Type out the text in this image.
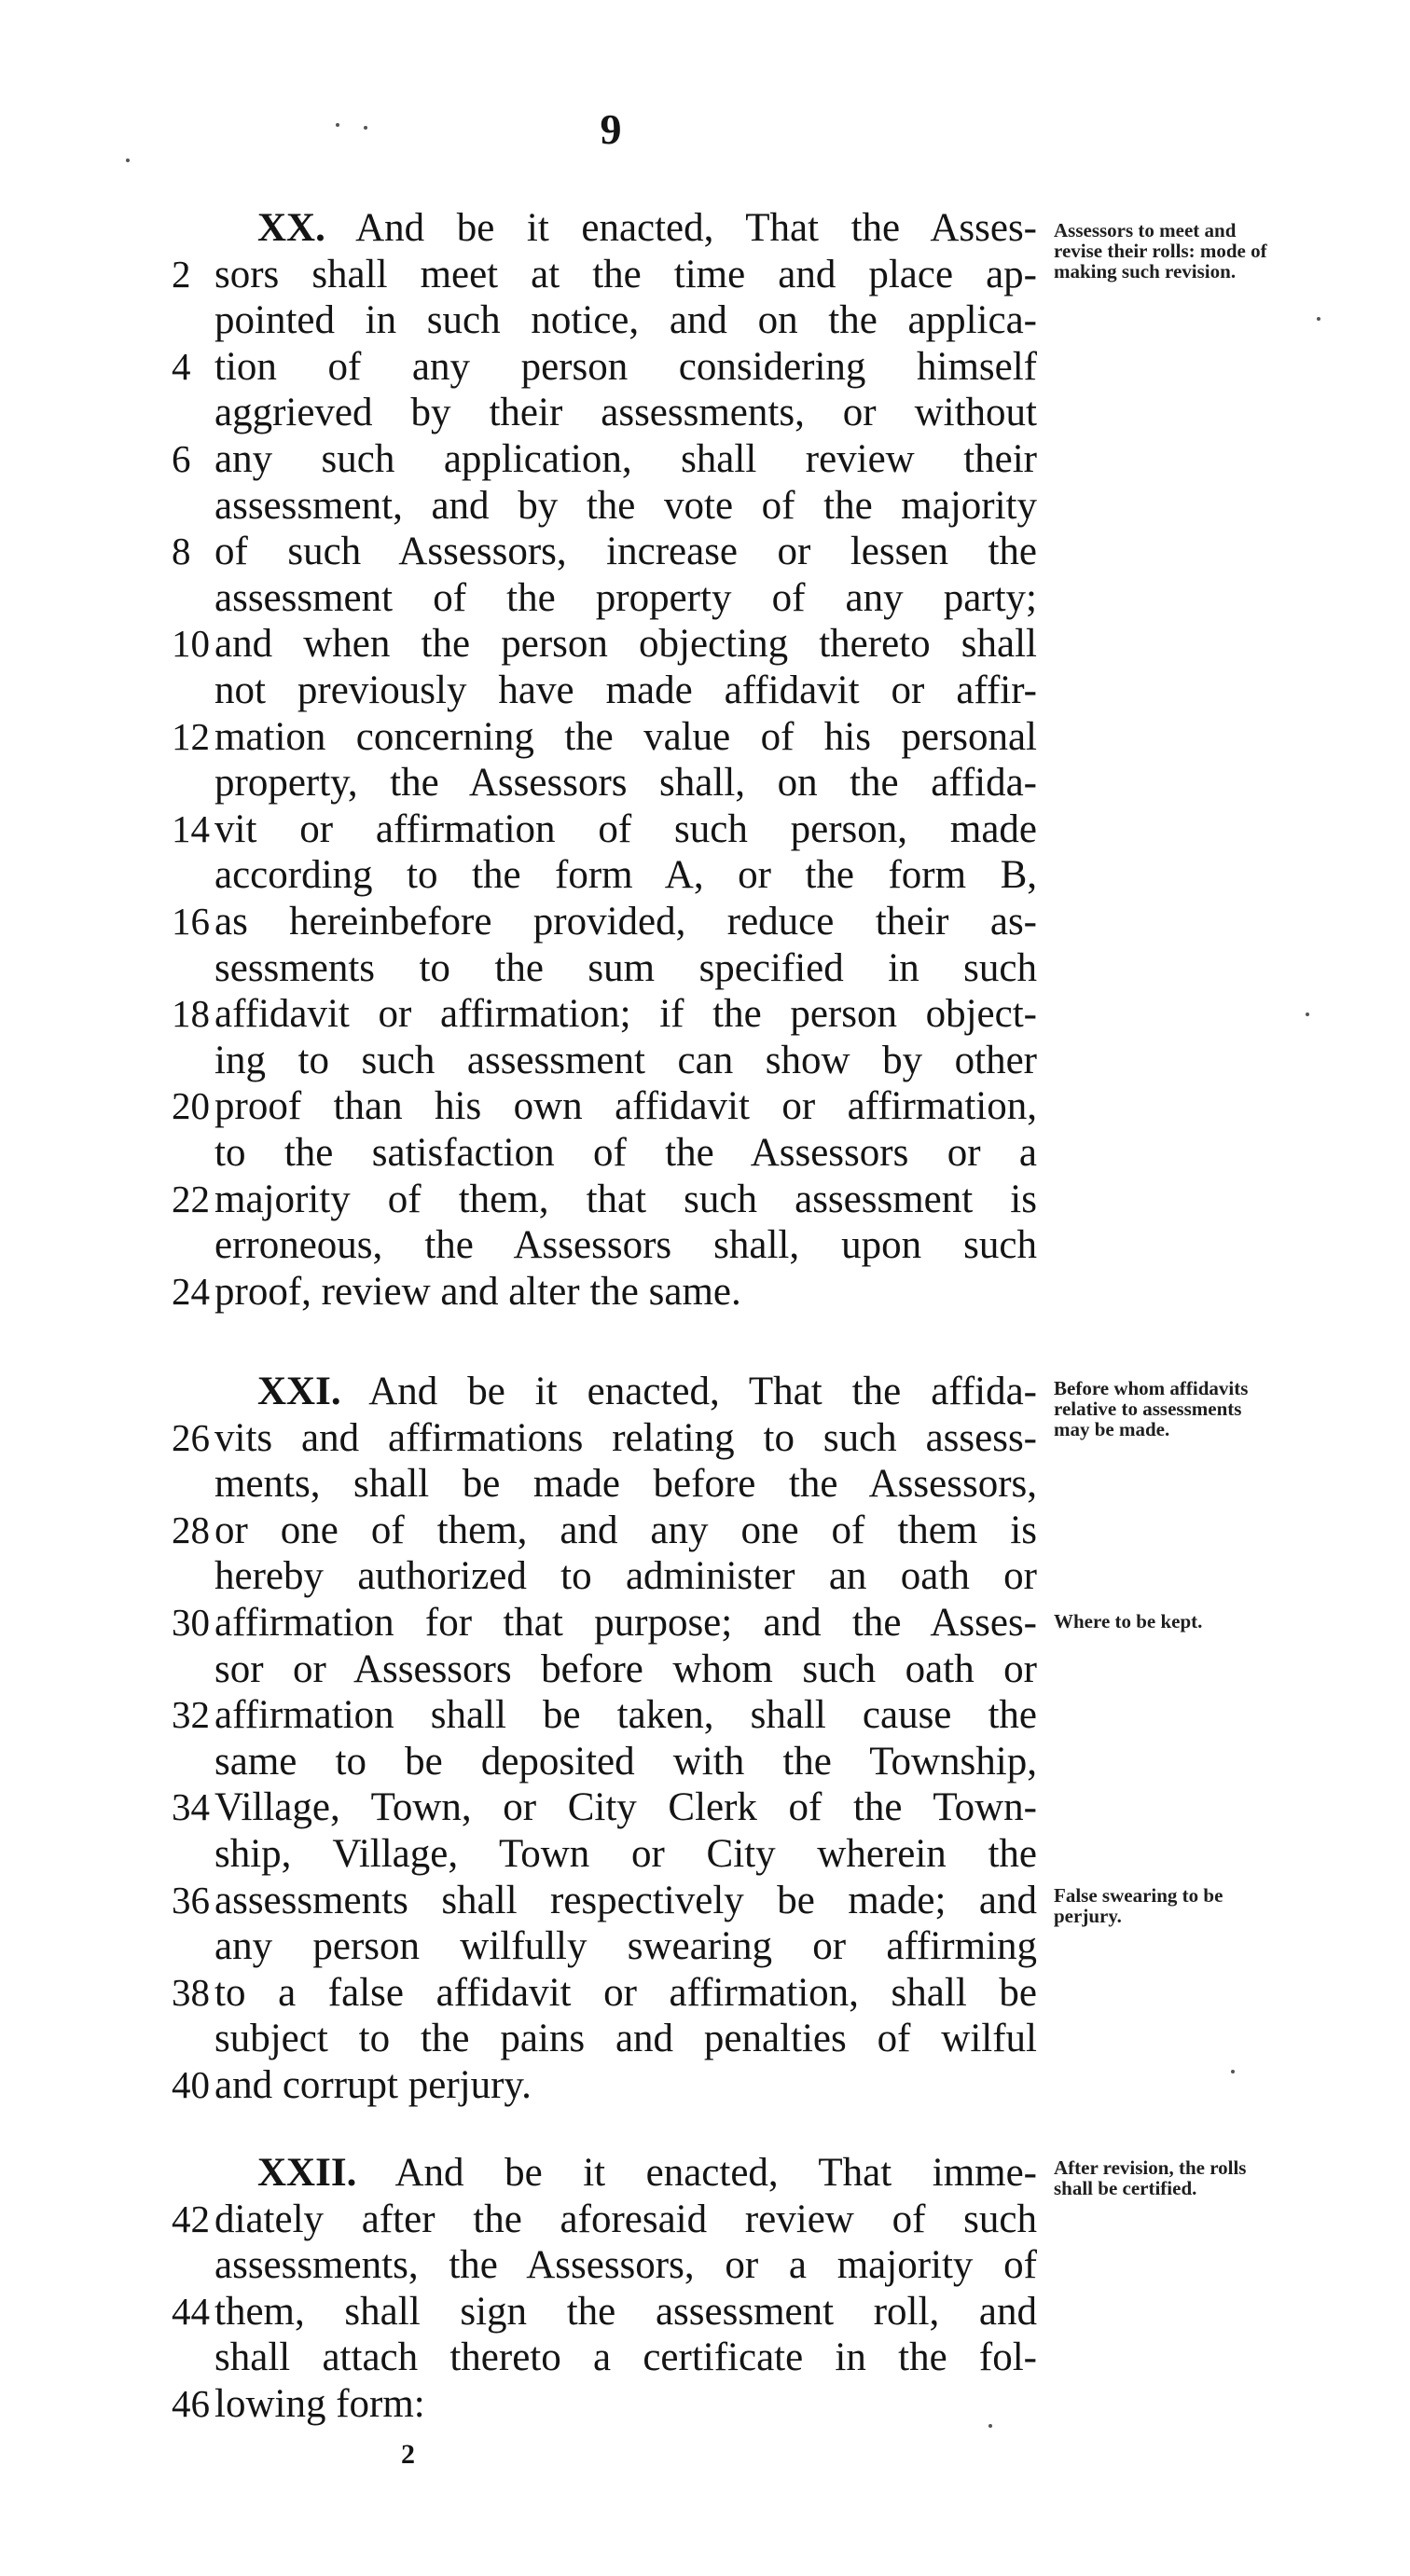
9
XX. And be it enacted, That the Asses-
2 sors shall meet at the time and place ap-
pointed in such notice, and on the applica-
4 tion of any person considering himself
aggrieved by their assessments, or without
6 any such application, shall review their
assessment, and by the vote of the majority
8 of such Assessors, increase or lessen the
assessment of the property of any party;
10 and when the person objecting thereto shall
not previously have made affidavit or affir-
12 mation concerning the value of his personal
property, the Assessors shall, on the affida-
14 vit or affirmation of such person, made
according to the form A, or the form B,
16 as hereinbefore provided, reduce their as-
sessments to the sum specified in such
18 affidavit or affirmation; if the person object-
ing to such assessment can show by other
20 proof than his own affidavit or affirmation,
to the satisfaction of the Assessors or a
22 majority of them, that such assessment is
erroneous, the Assessors shall, upon such
24 proof, review and alter the same.
XXI. And be it enacted, That the affida-
26 vits and affirmations relating to such assess-
ments, shall be made before the Assessors,
28 or one of them, and any one of them is
hereby authorized to administer an oath or
30 affirmation for that purpose; and the Asses-
sor or Assessors before whom such oath or
32 affirmation shall be taken, shall cause the
same to be deposited with the Township,
34 Village, Town, or City Clerk of the Town-
ship, Village, Town or City wherein the
36 assessments shall respectively be made; and
any person wilfully swearing or affirming
38 to a false affidavit or affirmation, shall be
subject to the pains and penalties of wilful
40 and corrupt perjury.
XXII. And be it enacted, That imme-
42 diately after the aforesaid review of such
assessments, the Assessors, or a majority of
44 them, shall sign the assessment roll, and
shall attach thereto a certificate in the fol-
46 lowing form:
Assessors to meet and revise their rolls: mode of making such revision.
Before whom affidavits relative to assessments may be made.
Where to be kept.
False swearing to be perjury.
After revision, the rolls shall be certified.
2
